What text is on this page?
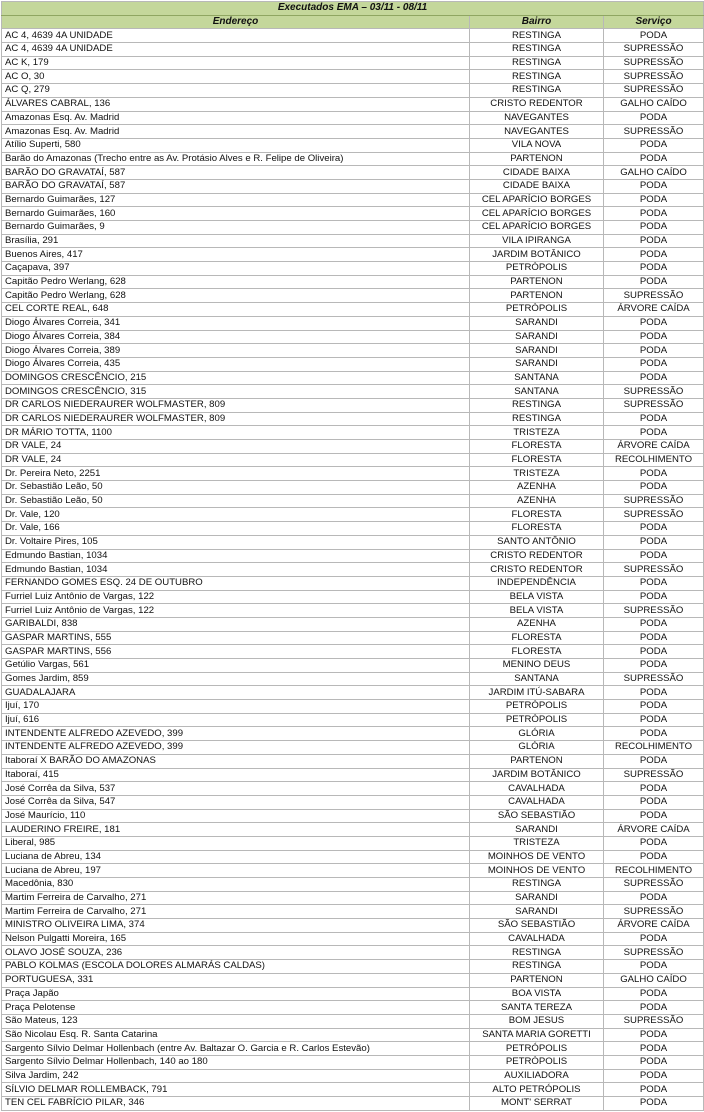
Executados EMA – 03/11 - 08/11		
Endereço	Bairro	Serviço
AC 4, 4639 4A UNIDADE	RESTINGA	PODA
AC 4, 4639 4A UNIDADE	RESTINGA	SUPRESSÃO
AC K, 179	RESTINGA	SUPRESSÃO
AC O, 30	RESTINGA	SUPRESSÃO
AC Q, 279	RESTINGA	SUPRESSÃO
ÁLVARES CABRAL, 136	CRISTO REDENTOR	GALHO CAÍDO
Amazonas Esq. Av. Madrid	NAVEGANTES	PODA
Amazonas Esq. Av. Madrid	NAVEGANTES	SUPRESSÃO
Atílio Superti, 580	VILA NOVA	PODA
Barão do Amazonas (Trecho entre as Av. Protásio Alves e R. Felipe de Oliveira)	PARTENON	PODA
BARÃO DO GRAVATAÍ, 587	CIDADE BAIXA	GALHO CAÍDO
BARÃO DO GRAVATAÍ, 587	CIDADE BAIXA	PODA
Bernardo Guimarães, 127	CEL APARÍCIO BORGES	PODA
Bernardo Guimarães, 160	CEL APARÍCIO BORGES	PODA
Bernardo Guimarães, 9	CEL APARÍCIO BORGES	PODA
Brasília, 291	VILA IPIRANGA	PODA
Buenos Aires, 417	JARDIM BOTÂNICO	PODA
Caçapava, 397	PETRÓPOLIS	PODA
Capitão Pedro Werlang, 628	PARTENON	PODA
Capitão Pedro Werlang, 628	PARTENON	SUPRESSÃO
CEL CORTE REAL, 648	PETRÓPOLIS	ÁRVORE CAÍDA
Diogo Álvares Correia, 341	SARANDI	PODA
Diogo Álvares Correia, 384	SARANDI	PODA
Diogo Álvares Correia, 389	SARANDI	PODA
Diogo Álvares Correia, 435	SARANDI	PODA
DOMINGOS CRESCÊNCIO, 215	SANTANA	PODA
DOMINGOS CRESCÊNCIO, 315	SANTANA	SUPRESSÃO
DR CARLOS NIEDERAURER WOLFMASTER, 809	RESTINGA	SUPRESSÃO
DR CARLOS NIEDERAURER WOLFMASTER, 809	RESTINGA	PODA
DR MÁRIO TOTTA, 1100	TRISTEZA	PODA
DR VALE, 24	FLORESTA	ÁRVORE CAÍDA
DR VALE, 24	FLORESTA	RECOLHIMENTO
Dr. Pereira Neto, 2251	TRISTEZA	PODA
Dr. Sebastião Leão, 50	AZENHA	PODA
Dr. Sebastião Leão, 50	AZENHA	SUPRESSÃO
Dr. Vale, 120	FLORESTA	SUPRESSÃO
Dr. Vale, 166	FLORESTA	PODA
Dr. Voltaire Pires, 105	SANTO ANTÔNIO	PODA
Edmundo Bastian, 1034	CRISTO REDENTOR	PODA
Edmundo Bastian, 1034	CRISTO REDENTOR	SUPRESSÃO
FERNANDO GOMES ESQ. 24 DE OUTUBRO	INDEPENDÊNCIA	PODA
Furriel Luiz Antônio de Vargas, 122	BELA VISTA	PODA
Furriel Luiz Antônio de Vargas, 122	BELA VISTA	SUPRESSÃO
GARIBALDI, 838	AZENHA	PODA
GASPAR MARTINS, 555	FLORESTA	PODA
GASPAR MARTINS, 556	FLORESTA	PODA
Getúlio Vargas, 561	MENINO DEUS	PODA
Gomes Jardim, 859	SANTANA	SUPRESSÃO
GUADALAJARA	JARDIM ITÚ-SABARA	PODA
Ijuí, 170	PETRÓPOLIS	PODA
Ijuí, 616	PETRÓPOLIS	PODA
INTENDENTE ALFREDO AZEVEDO, 399	GLÓRIA	PODA
INTENDENTE ALFREDO AZEVEDO, 399	GLÓRIA	RECOLHIMENTO
Itaboraí X BARÃO DO AMAZONAS	PARTENON	PODA
Itaboraí, 415	JARDIM BOTÂNICO	SUPRESSÃO
José Corrêa da Silva, 537	CAVALHADA	PODA
José Corrêa da Silva, 547	CAVALHADA	PODA
José Maurício, 110	SÃO SEBASTIÃO	PODA
LAUDERINO FREIRE, 181	SARANDI	ÁRVORE CAÍDA
Liberal, 985	TRISTEZA	PODA
Luciana de Abreu, 134	MOINHOS DE VENTO	PODA
Luciana de Abreu, 197	MOINHOS DE VENTO	RECOLHIMENTO
Macedônia, 830	RESTINGA	SUPRESSÃO
Martim Ferreira de Carvalho, 271	SARANDI	PODA
Martim Ferreira de Carvalho, 271	SARANDI	SUPRESSÃO
MINISTRO OLIVEIRA LIMA, 374	SÃO SEBASTIÃO	ÁRVORE CAÍDA
Nelson Pulgatti Moreira, 165	CAVALHADA	PODA
OLAVO JOSÉ SOUZA, 236	RESTINGA	SUPRESSÃO
PABLO KOLMAS (ESCOLA DOLORES ALMARÁS CALDAS)	RESTINGA	PODA
PORTUGUESA, 331	PARTENON	GALHO CAÍDO
Praça Japão	BOA VISTA	PODA
Praça Pelotense	SANTA TEREZA	PODA
São Mateus, 123	BOM JESUS	SUPRESSÃO
São Nicolau Esq. R. Santa Catarina	SANTA MARIA GORETTI	PODA
Sargento Sílvio Delmar Hollenbach (entre Av. Baltazar O. Garcia e R. Carlos Estevão)	PETRÓPOLIS	PODA
Sargento Sílvio Delmar Hollenbach, 140 ao 180	PETRÓPOLIS	PODA
Silva Jardim, 242	AUXILIADORA	PODA
SÍLVIO DELMAR ROLLEMBACK, 791	ALTO PETRÓPOLIS	PODA
TEN CEL FABRÍCIO PILAR, 346	MONT' SERRAT	PODA
